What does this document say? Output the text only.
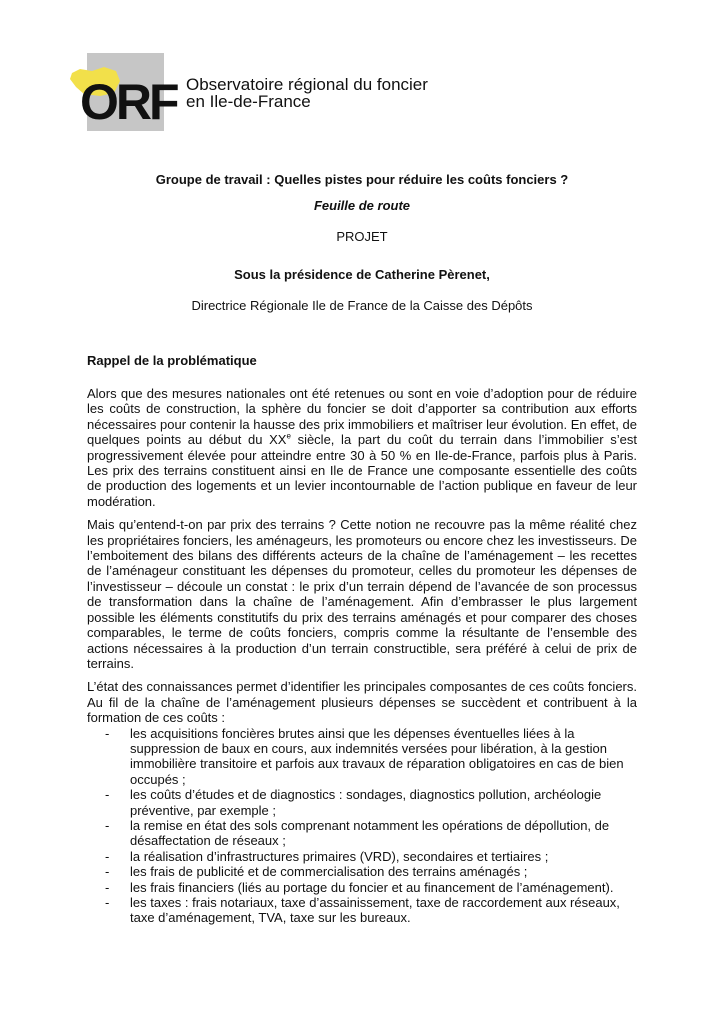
ORF Observatoire régional du foncier
en Ile-de-France
Groupe de travail : Quelles pistes pour réduire les coûts fonciers ?
Feuille de route
PROJET
Sous la présidence de Catherine Pèrenet,
Directrice Régionale Ile de France de la Caisse des Dépôts
Rappel de la problématique

Alors que des mesures nationales ont été retenues ou sont en voie d’adoption pour de réduire les coûts de construction, la sphère du foncier se doit d’apporter sa contribution aux efforts nécessaires pour contenir la hausse des prix immobiliers et maîtriser leur évolution. En effet, de quelques points au début du XXe siècle, la part du coût du terrain dans l’immobilier s’est progressivement élevée pour atteindre entre 30 à 50 % en Ile-de-France, parfois plus à Paris. Les prix des terrains constituent ainsi en Ile de France une composante essentielle des coûts de production des logements et un levier incontournable de l’action publique en faveur de leur modération.

Mais qu’entend-t-on par prix des terrains ? Cette notion ne recouvre pas la même réalité chez les propriétaires fonciers, les aménageurs, les promoteurs ou encore chez les investisseurs. De l’emboitement des bilans des différents acteurs de la chaîne de l’aménagement – les recettes de l’aménageur constituant les dépenses du promoteur, celles du promoteur les dépenses de l’investisseur – découle un constat : le prix d’un terrain dépend de l’avancée de son processus de transformation dans la chaîne de l’aménagement. Afin d’embrasser le plus largement possible les éléments constitutifs du prix des terrains aménagés et pour comparer des choses comparables, le terme de coûts fonciers, compris comme la résultante de l’ensemble des actions nécessaires à la production d’un terrain constructible, sera préféré à celui de prix de terrains.

L’état des connaissances permet d’identifier les principales composantes de ces coûts fonciers. Au fil de la chaîne de l’aménagement plusieurs dépenses se succèdent et contribuent à la formation de ces coûts :

- les acquisitions foncières brutes ainsi que les dépenses éventuelles liées à la suppression de baux en cours, aux indemnités versées pour libération, à la gestion immobilière transitoire et parfois aux travaux de réparation obligatoires en cas de bien occupés ;
- les coûts d’études et de diagnostics : sondages, diagnostics pollution, archéologie préventive, par exemple ;
- la remise en état des sols comprenant notamment les opérations de dépollution, de désaffectation de réseaux ;
- la réalisation d’infrastructures primaires (VRD), secondaires et tertiaires ;
- les frais de publicité et de commercialisation des terrains aménagés ;
- les frais financiers (liés au portage du foncier et au financement de l’aménagement).
- les taxes : frais notariaux, taxe d’assainissement, taxe de raccordement aux réseaux, taxe d’aménagement, TVA, taxe sur les bureaux.
